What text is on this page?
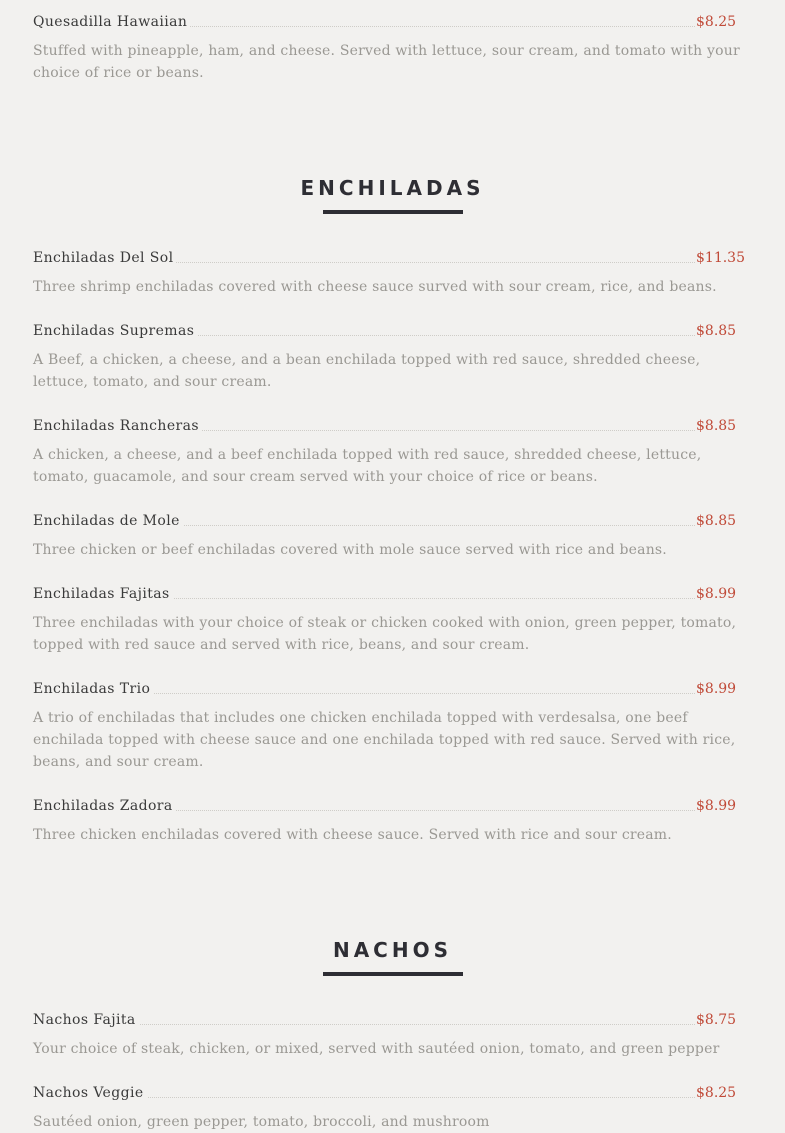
Quesadilla Hawaiian	$8.25

Stuffed with pineapple, ham, and cheese. Served with lettuce, sour cream, and tomato with your choice of rice or beans.

ENCHILADAS
Enchiladas Del Sol	$11.35

Three shrimp enchiladas covered with cheese sauce surved with sour cream, rice, and beans.

Enchiladas Supremas	$8.85

A Beef, a chicken, a cheese, and a bean enchilada topped with red sauce, shredded cheese, lettuce, tomato, and sour cream.

Enchiladas Rancheras	$8.85

A chicken, a cheese, and a beef enchilada topped with red sauce, shredded cheese, lettuce, tomato, guacamole, and sour cream served with your choice of rice or beans.

Enchiladas de Mole	$8.85

Three chicken or beef enchiladas covered with mole sauce served with rice and beans.

Enchiladas Fajitas	$8.99

Three enchiladas with your choice of steak or chicken cooked with onion, green pepper, tomato, topped with red sauce and served with rice, beans, and sour cream.

Enchiladas Trio	$8.99

A trio of enchiladas that includes one chicken enchilada topped with verdesalsa, one beef enchilada topped with cheese sauce and one enchilada topped with red sauce. Served with rice, beans, and sour cream.

Enchiladas Zadora	$8.99

Three chicken enchiladas covered with cheese sauce. Served with rice and sour cream.

NACHOS
Nachos Fajita	$8.75

Your choice of steak, chicken, or mixed, served with sautéed onion, tomato, and green pepper

Nachos Veggie	$8.25

Sautéed onion, green pepper, tomato, broccoli, and mushroom
